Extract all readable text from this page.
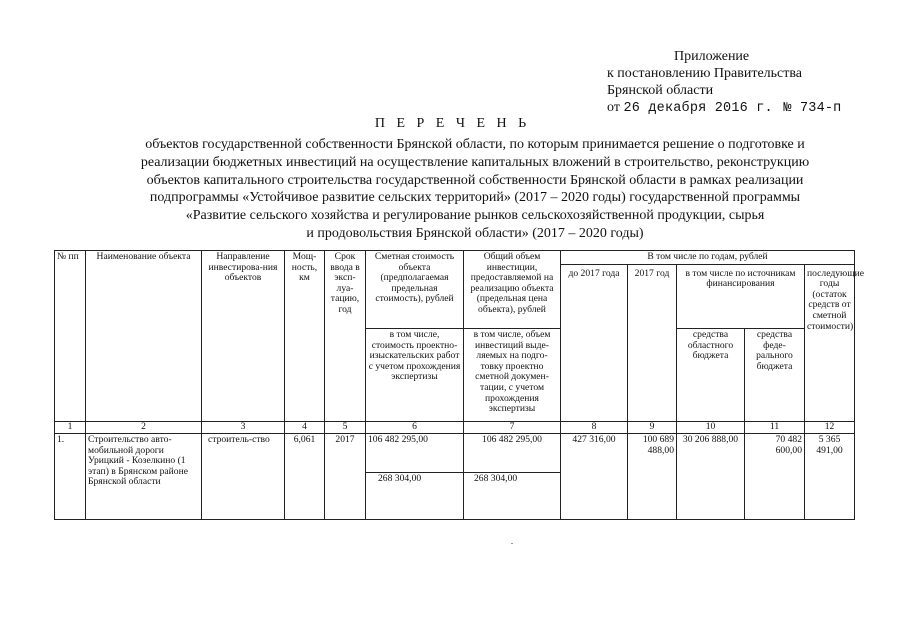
Приложение
к постановлению Правительства
Брянской области
от 26 декабря 2016 г. № 734-п
П Е Р Е Ч Е Н Ь
объектов государственной собственности Брянской области, по которым принимается решение о подготовке и
реализации бюджетных инвестиций на осуществление капитальных вложений в строительство, реконструкцию
объектов капитального строительства государственной собственности Брянской области в рамках реализации
подпрограммы «Устойчивое развитие сельских территорий» (2017 – 2020 годы) государственной программы
«Развитие сельского хозяйства и регулирование рынков сельскохозяйственной продукции, сырья
и продовольствия Брянской области» (2017 – 2020 годы)
№ пп	Наименование объекта	Направление инвестирова-ния объектов	Мощ-ность, км	Срок ввода в эксп-луа-тацию, год	Сметная стоимость объекта (предполагаемая предельная стоимость), рублей	Общий объем инвестиции, предоставляемой на реализацию объекта (предельная цена объекта), рублей	В том числе по годам, рублей				
							до 2017 года	2017 год	в том числе по источникам финансирования		последующие годы (остаток средств от сметной стоимости)
					в том числе, стоимость проектно-изыскательских работ с учетом прохождения экспертизы	в том числе, объем инвестиций выде-ляемых на подго-товку проектно сметной докумен-тации, с учетом прохождения экспертизы			средства областного бюджета	средства феде-рального бюджета	
1	2	3	4	5	6	7	8	9	10	11	12
1.	Строительство авто-мобильной дороги Урицкий - Козелкино (1 этап) в Брянском районе Брянской области	строитель-ство	6,061	2017	106 482 295,00	106 482 295,00	427 316,00	100 689 488,00	30 206 888,00	70 482 600,00	5 365 491,00
					268 304,00	268 304,00					
